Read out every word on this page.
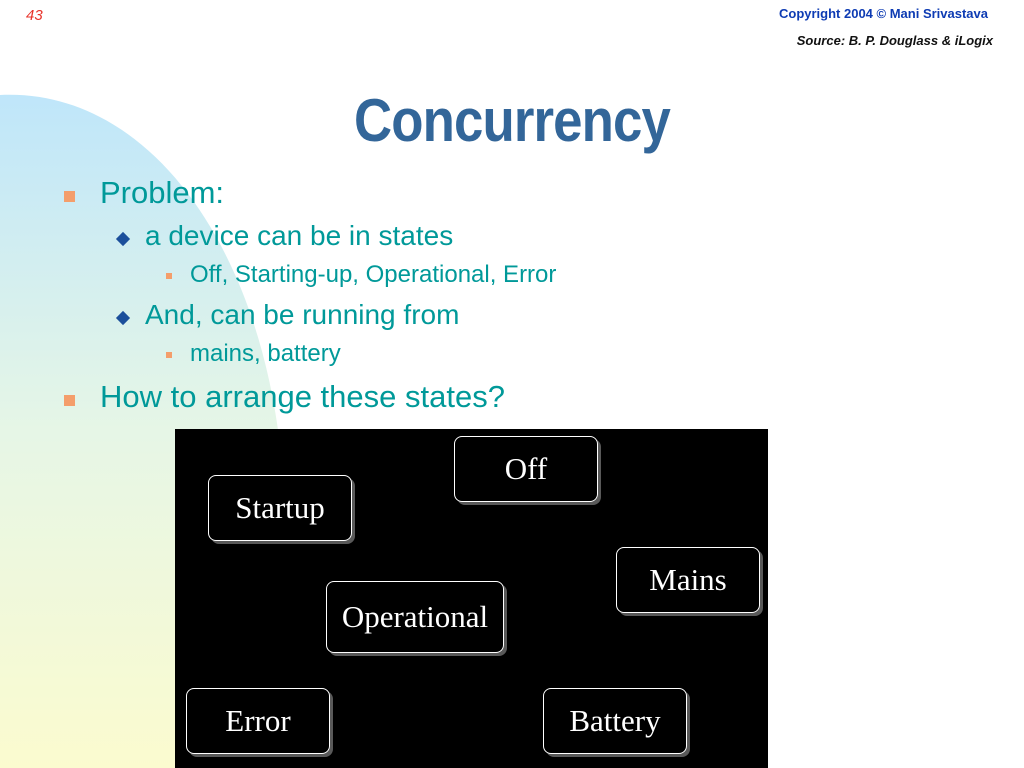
43	Copyright 2004 © Mani Srivastava
Source: B. P. Douglass & iLogix
Concurrency
Problem:
a device can be in states
Off, Starting-up, Operational, Error
And, can be running from
mains, battery
How to arrange these states?
Off
Startup
Mains
Operational
Error	Battery
